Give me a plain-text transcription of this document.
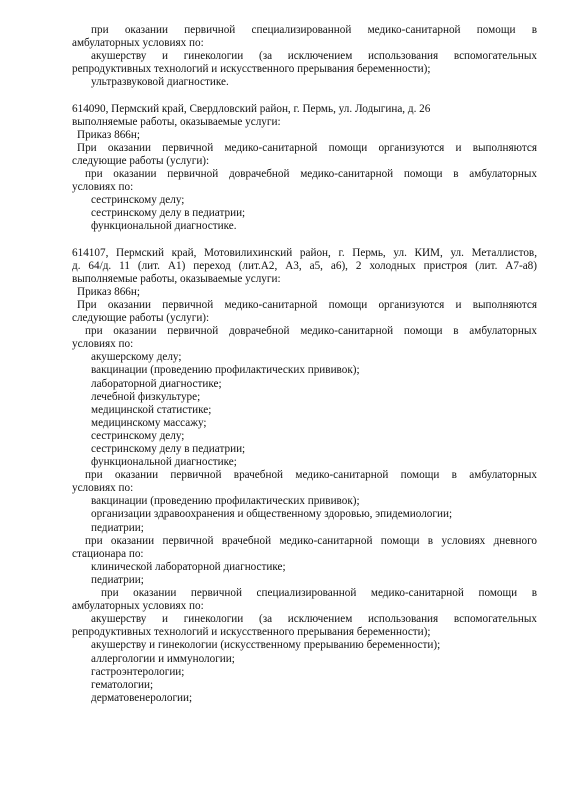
при оказании первичной специализированной медико-санитарной помощи в

амбулаторных условиях по:

акушерству и гинекологии (за исключением использования вспомогательных

репродуктивных технологий и искусственного прерывания беременности);

ультразвуковой диагностике.

614090, Пермский край, Свердловский район, г. Пермь, ул. Лодыгина, д. 26

выполняемые работы, оказываемые услуги:

Приказ 866н;

При оказании первичной медико-санитарной помощи организуются и выполняются

следующие работы (услуги):

при оказании первичной доврачебной медико-санитарной помощи в амбулаторных

условиях по:

сестринскому делу;

сестринскому делу в педиатрии;

функциональной диагностике.

614107, Пермский край, Мотовилихинский район, г. Пермь, ул. КИМ, ул. Металлистов,

д. 64/д. 11 (лит. А1) переход (лит.А2, А3, а5, а6), 2 холодных пристроя (лит. А7-а8)

выполняемые работы, оказываемые услуги:

Приказ 866н;

При оказании первичной медико-санитарной помощи организуются и выполняются

следующие работы (услуги):

при оказании первичной доврачебной медико-санитарной помощи в амбулаторных

условиях по:

акушерскому делу;

вакцинации (проведению профилактических прививок);

лабораторной диагностике;

лечебной физкультуре;

медицинской статистике;

медицинскому массажу;

сестринскому делу;

сестринскому делу в педиатрии;

функциональной диагностике;

при оказании первичной врачебной медико-санитарной помощи в амбулаторных

условиях по:

вакцинации (проведению профилактических прививок);

организации здравоохранения и общественному здоровью, эпидемиологии;

педиатрии;

при оказании первичной врачебной медико-санитарной помощи в условиях дневного

стационара по:

клинической лабораторной диагностике;

педиатрии;

при оказании первичной специализированной медико-санитарной помощи в

амбулаторных условиях по:

акушерству и гинекологии (за исключением использования вспомогательных

репродуктивных технологий и искусственного прерывания беременности);

акушерству и гинекологии (искусственному прерыванию беременности);

аллергологии и иммунологии;

гастроэнтерологии;

гематологии;

дерматовенерологии;
